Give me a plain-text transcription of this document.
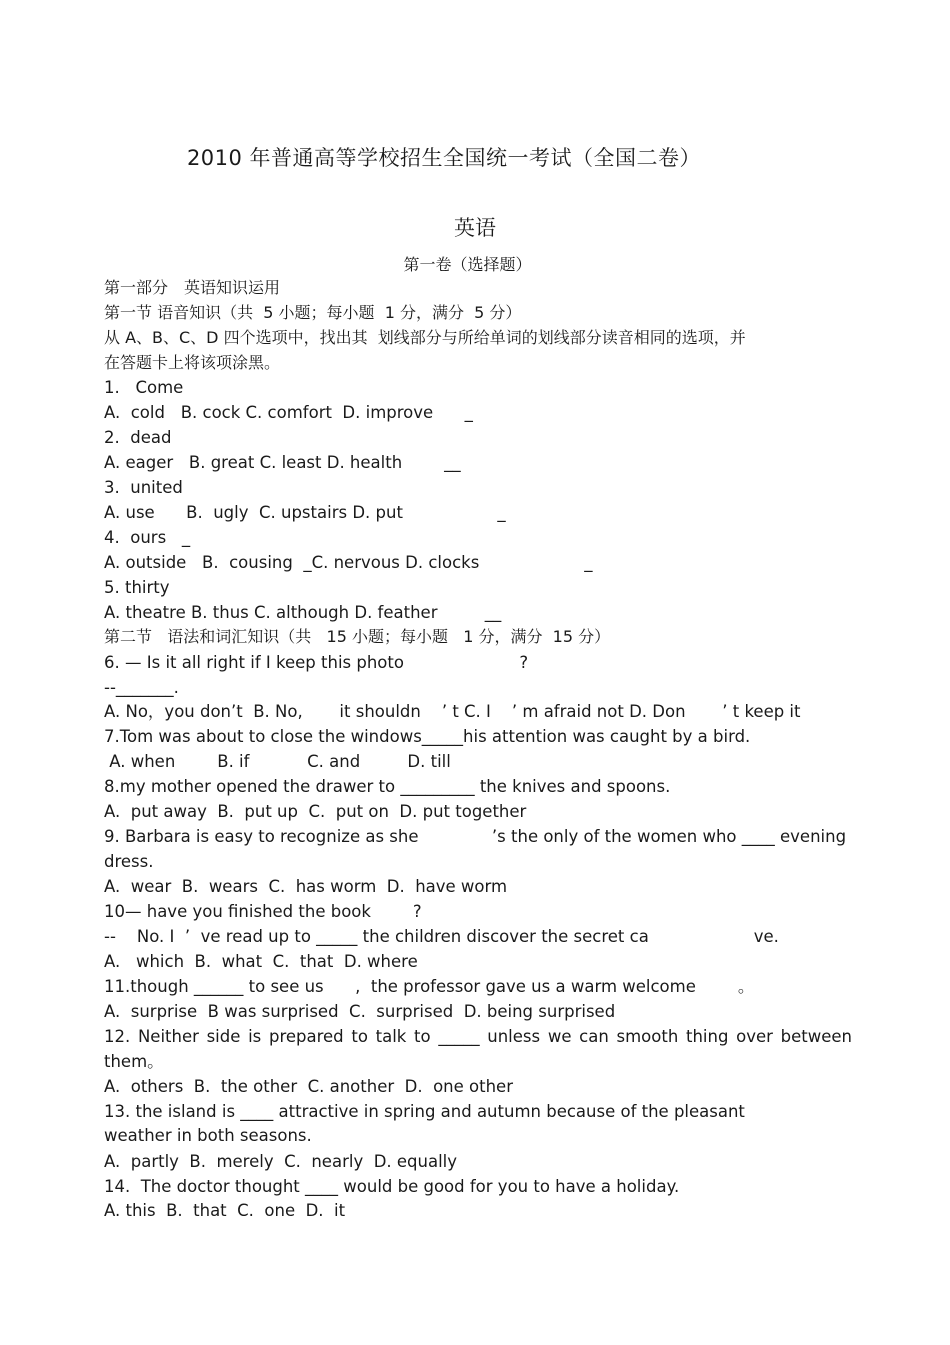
2010 年普通高等学校招生全国统一考试（全国二卷）
英语
第一卷（选择题）
第一部分　英语知识运用
第一节 语音知识（共  5 小题；每小题  1 分，满分  5 分）
从 A、B、C、D 四个选项中，找出其  划线部分与所给单词的划线部分读音相同的选项，并
在答题卡上将该项涂黑。
1.   Come
A.  cold   B. cock C. comfort  D. improve      _
2.  dead
A. eager   B. great C. least D. health        __
3.  united
A. use      B.  ugly  C. upstairs D. put                  _
4.  ours   _
A. outside   B.  cousing  _C. nervous D. clocks                    _
5. thirty
A. theatre B. thus C. although D. feather         __
第二节   语法和词汇知识（共   15 小题；每小题   1 分，满分  15 分）
6. — Is it all right if I keep this photo                      ?
--_______.
A. No，you don’t  B. No,       it shouldn    ’ t C. I    ’ m afraid not D. Don       ’ t keep it
7.Tom was about to close the windows_____his attention was caught by a bird.
A. when        B. if           C. and         D. till
8.my mother opened the drawer to _________ the knives and spoons.
A.  put away  B.  put up  C.  put on  D. put together
9. Barbara is easy to recognize as she              ’s the only of the women who ____ evening
dress.
A.  wear  B.  wears  C.  has worm  D.  have worm
10— have you finished the book        ?
--    No. I  ’  ve read up to _____ the children discover the secret ca                    ve.
A.   which  B.  what  C.  that  D. where
11.though ______ to see us      ,  the professor gave us a warm welcome        。
A.  surprise  B was surprised  C.  surprised  D. being surprised
12. Neither side is prepared to talk to _____ unless we can smooth thing over between
them。
A.  others  B.  the other  C. another  D.  one other
13. the island is ____ attractive in spring and autumn because of the pleasant
weather in both seasons.
A.  partly  B.  merely  C.  nearly  D. equally
14.  The doctor thought ____ would be good for you to have a holiday.
A. this  B.  that  C.  one  D.  it
